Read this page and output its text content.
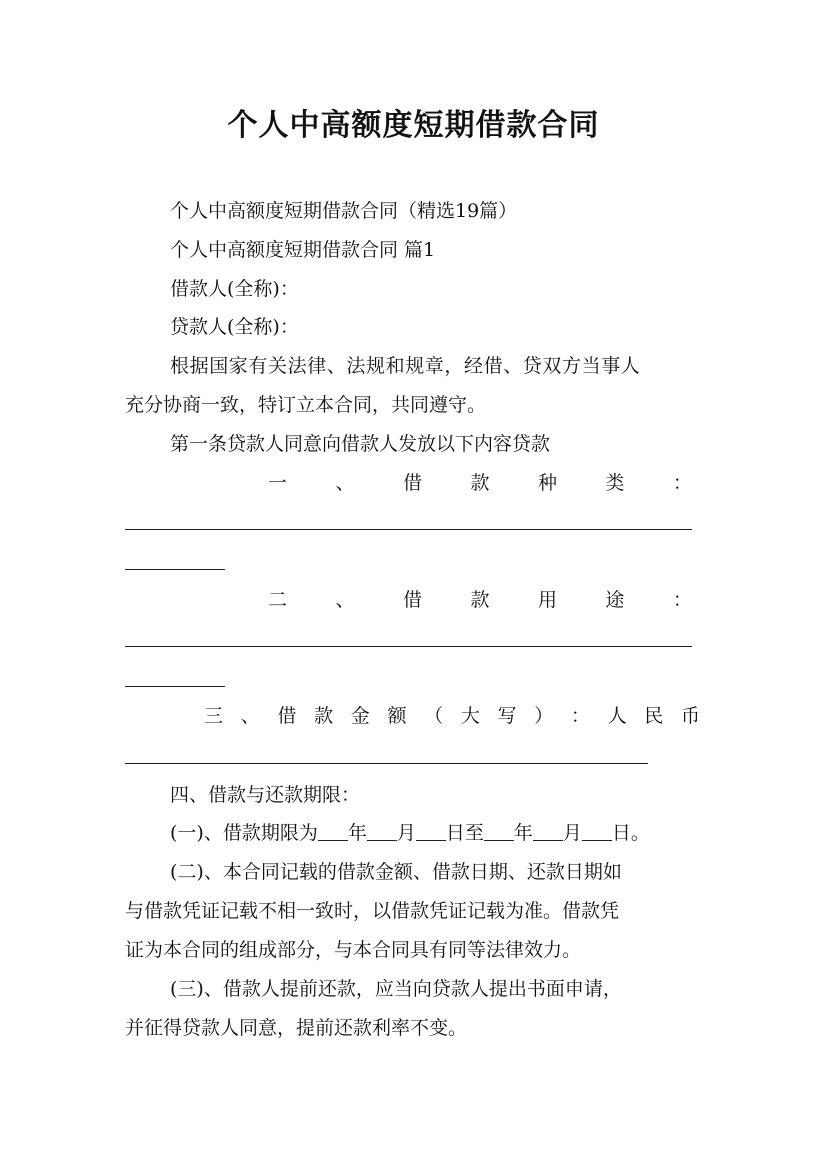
个人中高额度短期借款合同
个人中高额度短期借款合同（精选19篇）
个人中高额度短期借款合同 篇1
借款人(全称)：
贷款人(全称)：
根据国家有关法律、法规和规章，经借、贷双方当事人
充分协商一致，特订立本合同，共同遵守。
第一条贷款人同意向借款人发放以下内容贷款
一	、	借	款	种	类	：
二	、	借	款	用	途	：
三 、 借 款 金 额 （ 大 写 ） ： 人 民 币
四、借款与还款期限：
(一)、借款期限为 年 月 日至 年 月 日。
(二)、本合同记载的借款金额、借款日期、还款日期如
与借款凭证记载不相一致时，以借款凭证记载为准。借款凭
证为本合同的组成部分，与本合同具有同等法律效力。
(三)、借款人提前还款，应当向贷款人提出书面申请，
并征得贷款人同意，提前还款利率不变。
